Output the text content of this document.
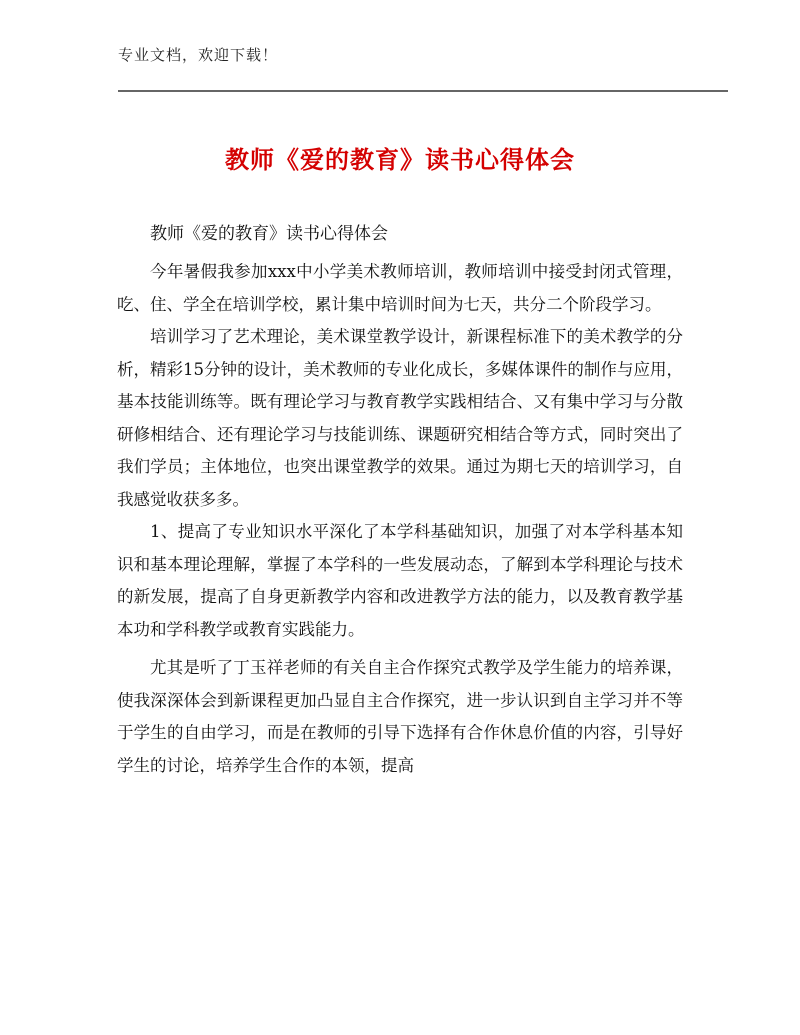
专业文档，欢迎下载！
教师《爱的教育》读书心得体会
教师《爱的教育》读书心得体会

今年暑假我参加xxx中小学美术教师培训，教师培训中接受封闭式管理，吃、住、学全在培训学校，累计集中培训时间为七天，共分二个阶段学习。

培训学习了艺术理论，美术课堂教学设计，新课程标准下的美术教学的分析，精彩15分钟的设计，美术教师的专业化成长，多媒体课件的制作与应用，基本技能训练等。既有理论学习与教育教学实践相结合、又有集中学习与分散研修相结合、还有理论学习与技能训练、课题研究相结合等方式，同时突出了我们学员；主体地位，也突出课堂教学的效果。通过为期七天的培训学习，自我感觉收获多多。

1、提高了专业知识水平深化了本学科基础知识，加强了对本学科基本知识和基本理论理解，掌握了本学科的一些发展动态，了解到本学科理论与技术的新发展，提高了自身更新教学内容和改进教学方法的能力，以及教育教学基本功和学科教学或教育实践能力。

尤其是听了丁玉祥老师的有关自主合作探究式教学及学生能力的培养课，使我深深体会到新课程更加凸显自主合作探究，进一步认识到自主学习并不等于学生的自由学习，而是在教师的引导下选择有合作休息价值的内容，引导好学生的讨论，培养学生合作的本领，提高
